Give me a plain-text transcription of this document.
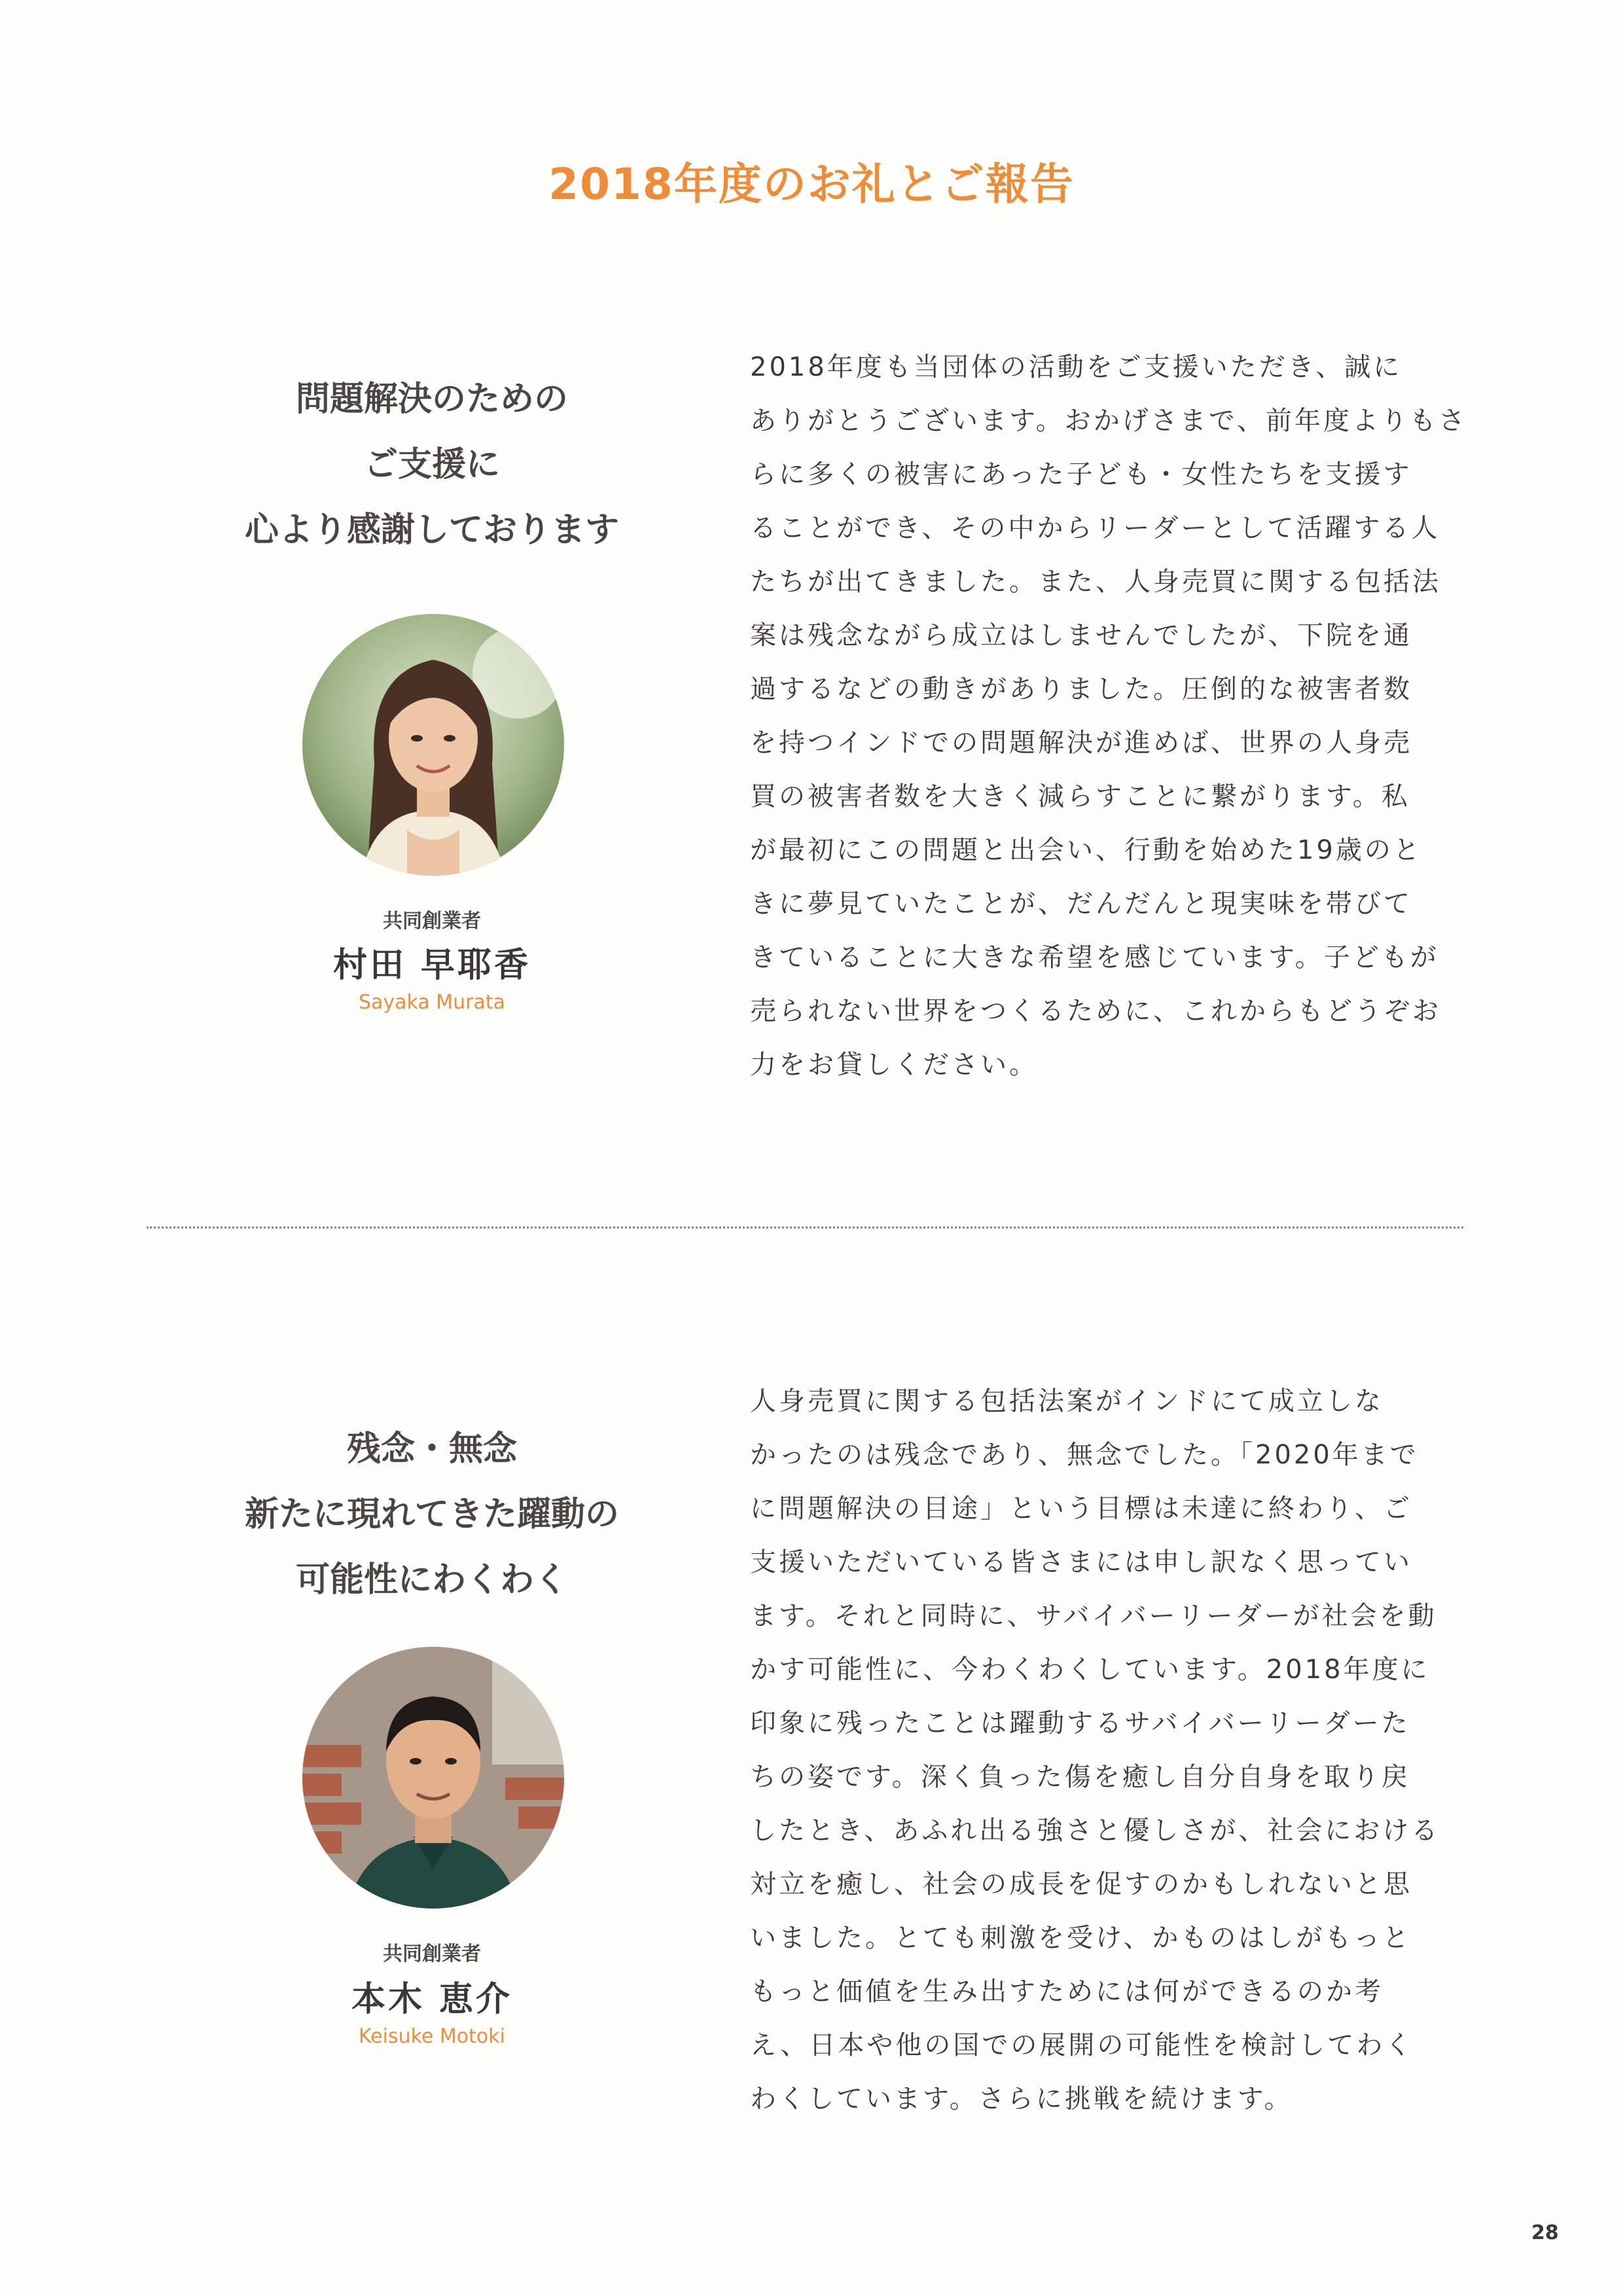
2018年度のお礼とご報告
問題解決のための
ご支援に
心より感謝しております
共同創業者
村田 早耶香
Sayaka Murata
2018年度も当団体の活動をご支援いただき、誠に
ありがとうございます。おかげさまで、前年度よりもさ
らに多くの被害にあった子ども・女性たちを支援す
ることができ、その中からリーダーとして活躍する人
たちが出てきました。また、人身売買に関する包括法
案は残念ながら成立はしませんでしたが、下院を通
過するなどの動きがありました。圧倒的な被害者数
を持つインドでの問題解決が進めば、世界の人身売
買の被害者数を大きく減らすことに繋がります。私
が最初にこの問題と出会い、行動を始めた19歳のと
きに夢見ていたことが、だんだんと現実味を帯びて
きていることに大きな希望を感じています。子どもが
売られない世界をつくるために、これからもどうぞお
力をお貸しください。
残念・無念
新たに現れてきた躍動の
可能性にわくわく
共同創業者
本木 恵介
Keisuke Motoki
人身売買に関する包括法案がインドにて成立しな
かったのは残念であり、無念でした。「2020年まで
に問題解決の目途」という目標は未達に終わり、ご
支援いただいている皆さまには申し訳なく思ってい
ます。それと同時に、サバイバーリーダーが社会を動
かす可能性に、今わくわくしています。2018年度に
印象に残ったことは躍動するサバイバーリーダーた
ちの姿です。深く負った傷を癒し自分自身を取り戻
したとき、あふれ出る強さと優しさが、社会における
対立を癒し、社会の成長を促すのかもしれないと思
いました。とても刺激を受け、かものはしがもっと
もっと価値を生み出すためには何ができるのか考
え、日本や他の国での展開の可能性を検討してわく
わくしています。さらに挑戦を続けます。
28
